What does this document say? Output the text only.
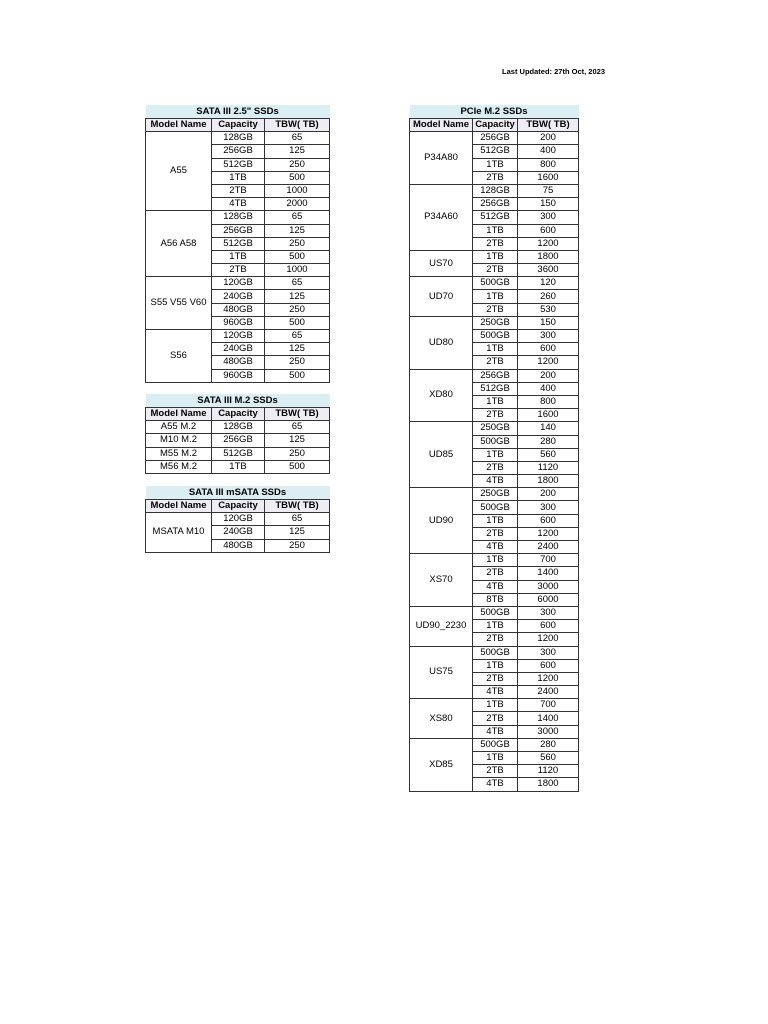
Last Updated: 27th Oct, 2023
SATA III 2.5" SSDs		
Model Name	Capacity	TBW( TB)
A55	128GB	65
	256GB	125
	512GB	250
	1TB	500
	2TB	1000
	4TB	2000
A56 A58	128GB	65
	256GB	125
	512GB	250
	1TB	500
	2TB	1000
S55 V55 V60	120GB	65
	240GB	125
	480GB	250
	960GB	500
S56	120GB	65
	240GB	125
	480GB	250
	960GB	500
SATA III M.2 SSDs		
Model Name	Capacity	TBW( TB)
A55 M.2	128GB	65
M10 M.2	256GB	125
M55 M.2	512GB	250
M56 M.2	1TB	500
SATA III mSATA SSDs		
Model Name	Capacity	TBW( TB)
MSATA M10	120GB	65
	240GB	125
	480GB	250
PCIe M.2 SSDs		
Model Name	Capacity	TBW( TB)
P34A80	256GB	200
	512GB	400
	1TB	800
	2TB	1600
P34A60	128GB	75
	256GB	150
	512GB	300
	1TB	600
	2TB	1200
US70	1TB	1800
	2TB	3600
UD70	500GB	120
	1TB	260
	2TB	530
UD80	250GB	150
	500GB	300
	1TB	600
	2TB	1200
XD80	256GB	200
	512GB	400
	1TB	800
	2TB	1600
UD85	250GB	140
	500GB	280
	1TB	560
	2TB	1120
	4TB	1800
UD90	250GB	200
	500GB	300
	1TB	600
	2TB	1200
	4TB	2400
XS70	1TB	700
	2TB	1400
	4TB	3000
	8TB	6000
UD90_2230	500GB	300
	1TB	600
	2TB	1200
US75	500GB	300
	1TB	600
	2TB	1200
	4TB	2400
XS80	1TB	700
	2TB	1400
	4TB	3000
XD85	500GB	280
	1TB	560
	2TB	1120
	4TB	1800
